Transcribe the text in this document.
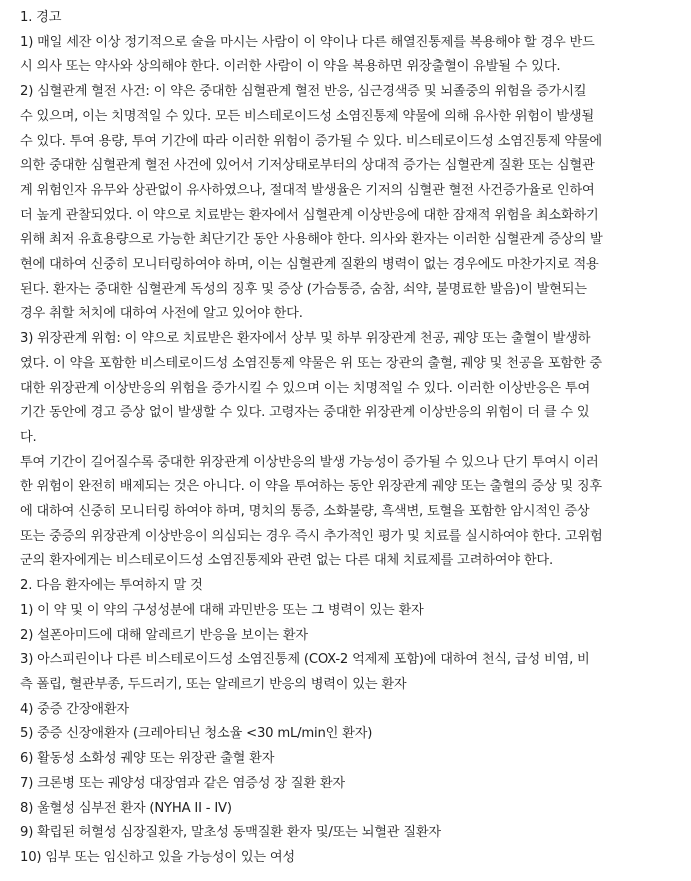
1. 경고

1) 매일 세잔 이상 정기적으로 술을 마시는 사람이 이 약이나 다른 해열진통제를 복용해야 할 경우 반드

시 의사 또는 약사와 상의해야 한다. 이러한 사람이 이 약을 복용하면 위장출혈이 유발될 수 있다.

2) 심혈관계 혈전 사건: 이 약은 중대한 심혈관계 혈전 반응, 심근경색증 및 뇌졸중의 위험을 증가시킬

수 있으며, 이는 치명적일 수 있다. 모든 비스테로이드성 소염진통제 약물에 의해 유사한 위험이 발생될

수 있다. 투여 용량, 투여 기간에 따라 이러한 위험이 증가될 수 있다. 비스테로이드성 소염진통제 약물에

의한 중대한 심혈관계 혈전 사건에 있어서 기저상태로부터의 상대적 증가는 심혈관계 질환 또는 심혈관

계 위험인자 유무와 상관없이 유사하였으나, 절대적 발생율은 기저의 심혈관 혈전 사건증가율로 인하여

더 높게 관찰되었다. 이 약으로 치료받는 환자에서 심혈관계 이상반응에 대한 잠재적 위험을 최소화하기

위해 최저 유효용량으로 가능한 최단기간 동안 사용해야 한다. 의사와 환자는 이러한 심혈관계 증상의 발

현에 대하여 신중히 모니터링하여야 하며, 이는 심혈관계 질환의 병력이 없는 경우에도 마찬가지로 적용

된다. 환자는 중대한 심혈관계 독성의 징후 및 증상 (가슴통증, 숨참, 쇠약, 불명료한 발음)이 발현되는

경우 취할 처치에 대하여 사전에 알고 있어야 한다.

3) 위장관계 위험: 이 약으로 치료받은 환자에서 상부 및 하부 위장관계 천공, 궤양 또는 출혈이 발생하

였다. 이 약을 포함한 비스테로이드성 소염진통제 약물은 위 또는 장관의 출혈, 궤양 및 천공을 포함한 중

대한 위장관계 이상반응의 위험을 증가시킬 수 있으며 이는 치명적일 수 있다. 이러한 이상반응은 투여

기간 동안에 경고 증상 없이 발생할 수 있다. 고령자는 중대한 위장관계 이상반응의 위험이 더 클 수 있

다.

투여 기간이 길어질수록 중대한 위장관계 이상반응의 발생 가능성이 증가될 수 있으나 단기 투여시 이러

한 위험이 완전히 배제되는 것은 아니다. 이 약을 투여하는 동안 위장관계 궤양 또는 출혈의 증상 및 징후

에 대하여 신중히 모니터링 하여야 하며, 명치의 통증, 소화불량, 흑색변, 토혈을 포함한 암시적인 증상

또는 중증의 위장관계 이상반응이 의심되는 경우 즉시 추가적인 평가 및 치료를 실시하여야 한다. 고위험

군의 환자에게는 비스테로이드성 소염진통제와 관련 없는 다른 대체 치료제를 고려하여야 한다.

2. 다음 환자에는 투여하지 말 것

1) 이 약 및 이 약의 구성성분에 대해 과민반응 또는 그 병력이 있는 환자

2) 설폰아미드에 대해 알레르기 반응을 보이는 환자

3) 아스피린이나 다른 비스테로이드성 소염진통제 (COX-2 억제제 포함)에 대하여 천식, 급성 비염, 비

측 폴립, 혈관부종, 두드러기, 또는 알레르기 반응의 병력이 있는 환자

4) 중증 간장애환자

5) 중증 신장애환자 (크레아티닌 청소율 <30 mL/min인 환자)

6) 활동성 소화성 궤양 또는 위장관 출혈 환자

7) 크론병 또는 궤양성 대장염과 같은 염증성 장 질환 환자

8) 울혈성 심부전 환자 (NYHA II - IV)

9) 확립된 허혈성 심장질환자, 말초성 동맥질환 환자 및/또는 뇌혈관 질환자

10) 임부 또는 임신하고 있을 가능성이 있는 여성
